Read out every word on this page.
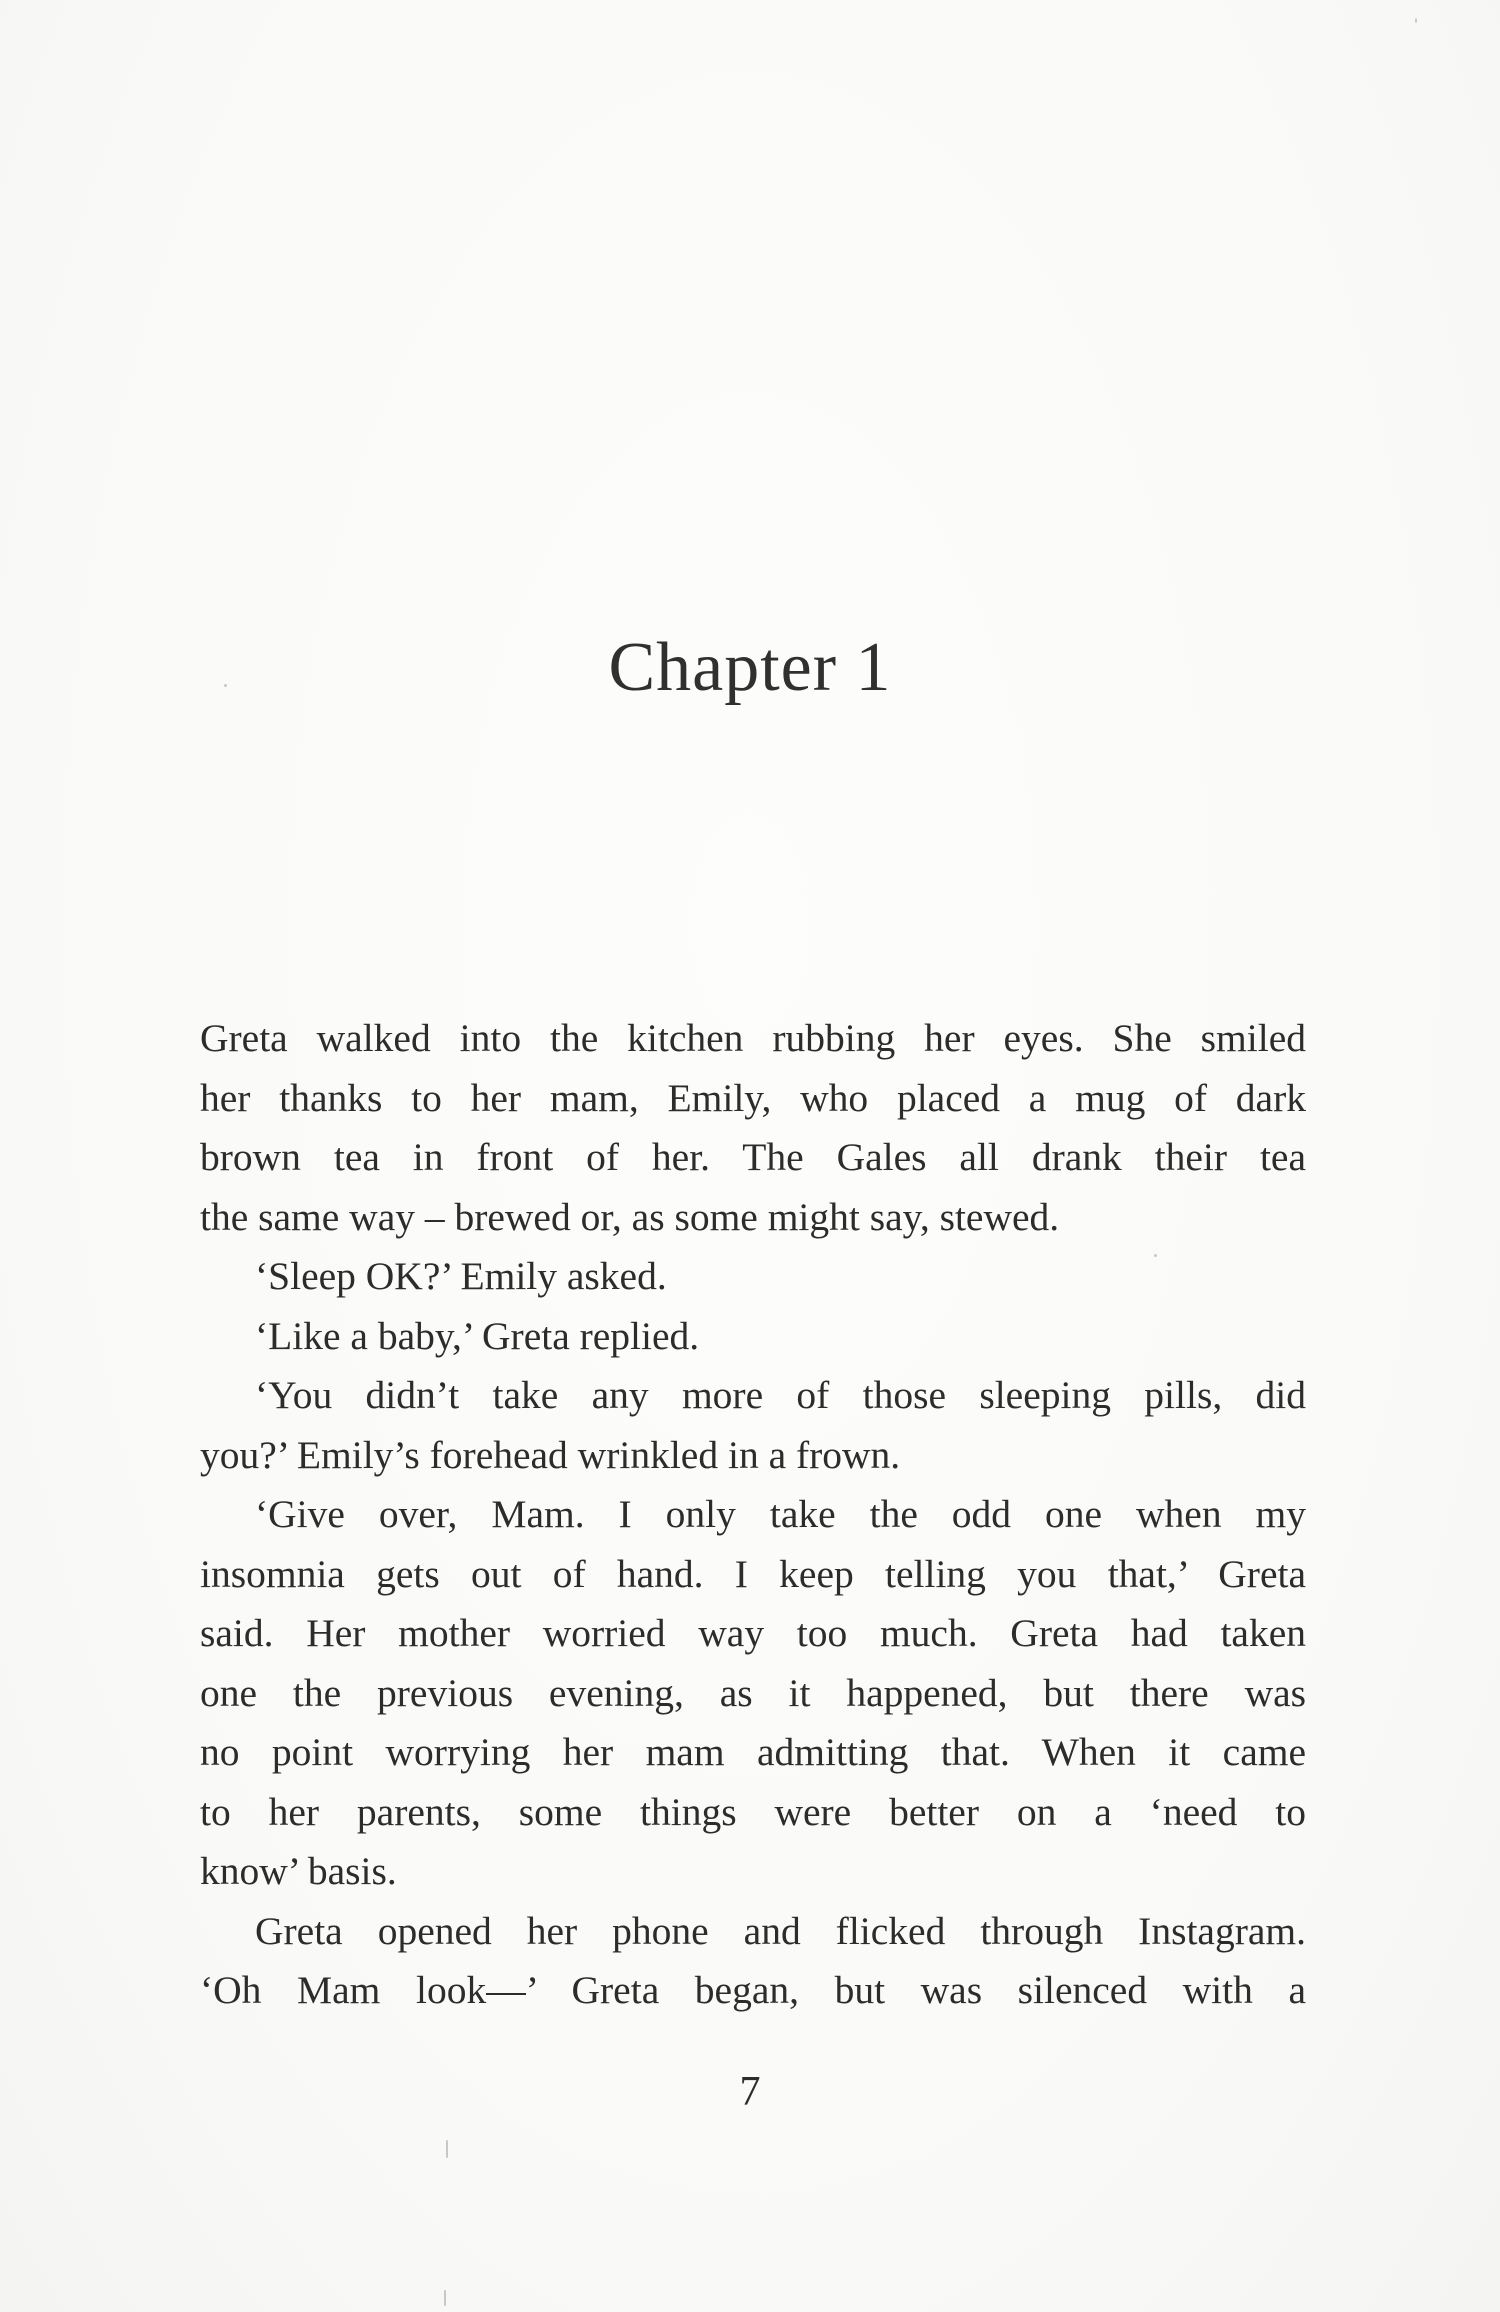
Chapter 1
Greta walked into the kitchen rubbing her eyes. She smiled
her thanks to her mam, Emily, who placed a mug of dark
brown tea in front of her. The Gales all drank their tea
the same way – brewed or, as some might say, stewed.
‘Sleep OK?’ Emily asked.
‘Like a baby,’ Greta replied.
‘You didn’t take any more of those sleeping pills, did
you?’ Emily’s forehead wrinkled in a frown.
‘Give over, Mam. I only take the odd one when my
insomnia gets out of hand. I keep telling you that,’ Greta
said. Her mother worried way too much. Greta had taken
one the previous evening, as it happened, but there was
no point worrying her mam admitting that. When it came
to her parents, some things were better on a ‘need to
know’ basis.
Greta opened her phone and flicked through Instagram.
‘Oh Mam look—’ Greta began, but was silenced with a
7
